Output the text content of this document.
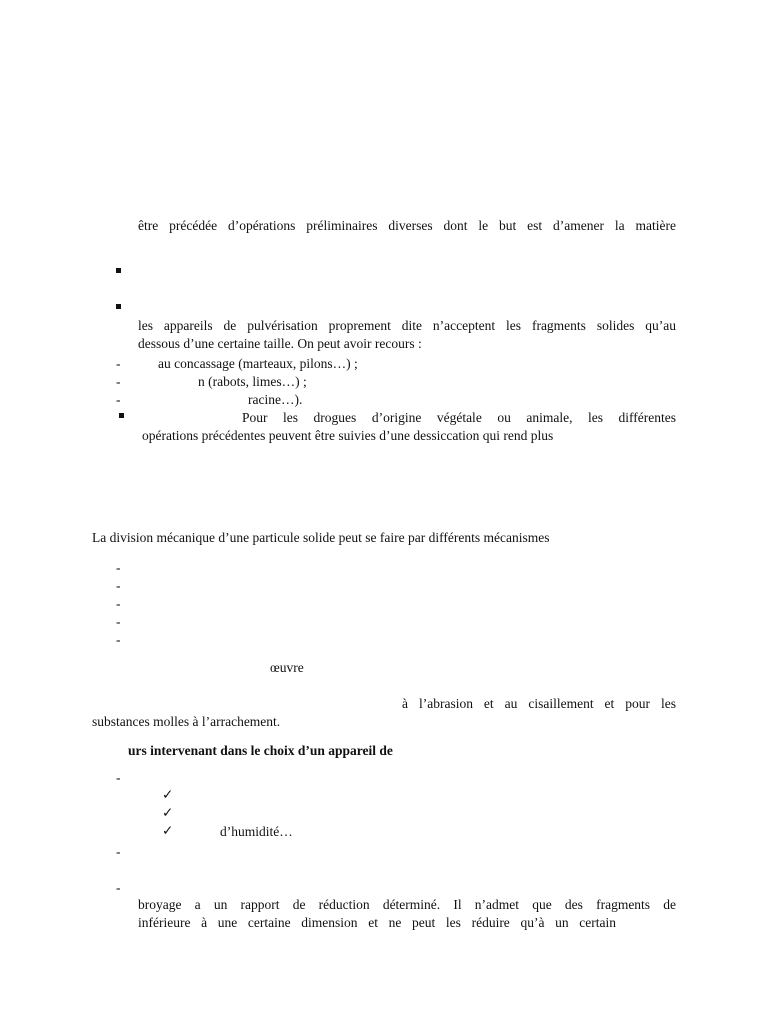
être précédée d’opérations préliminaires diverses dont le but est d’amener la matière
les appareils de pulvérisation proprement dite n’acceptent les fragments solides qu’au
dessous d’une certaine taille. On peut avoir recours :
-	au concassage (marteaux, pilons…) ;
-	n (rabots, limes…) ;
-	racine…).
Pour les drogues d’origine végétale ou animale, les différentes
opérations précédentes peuvent être suivies d’une dessiccation qui rend plus
La division mécanique d’une particule solide peut se faire par différents mécanismes
-
-
-
-
-
œuvre
à l’abrasion et au cisaillement et pour les
substances molles à l’arrachement.
urs intervenant dans le choix d’un appareil de
-
✓
✓
✓	d’humidité…
-
-
broyage a un rapport de réduction déterminé. Il n’admet que des fragments de
inférieure à une certaine dimension et ne peut les réduire qu’à un certain
